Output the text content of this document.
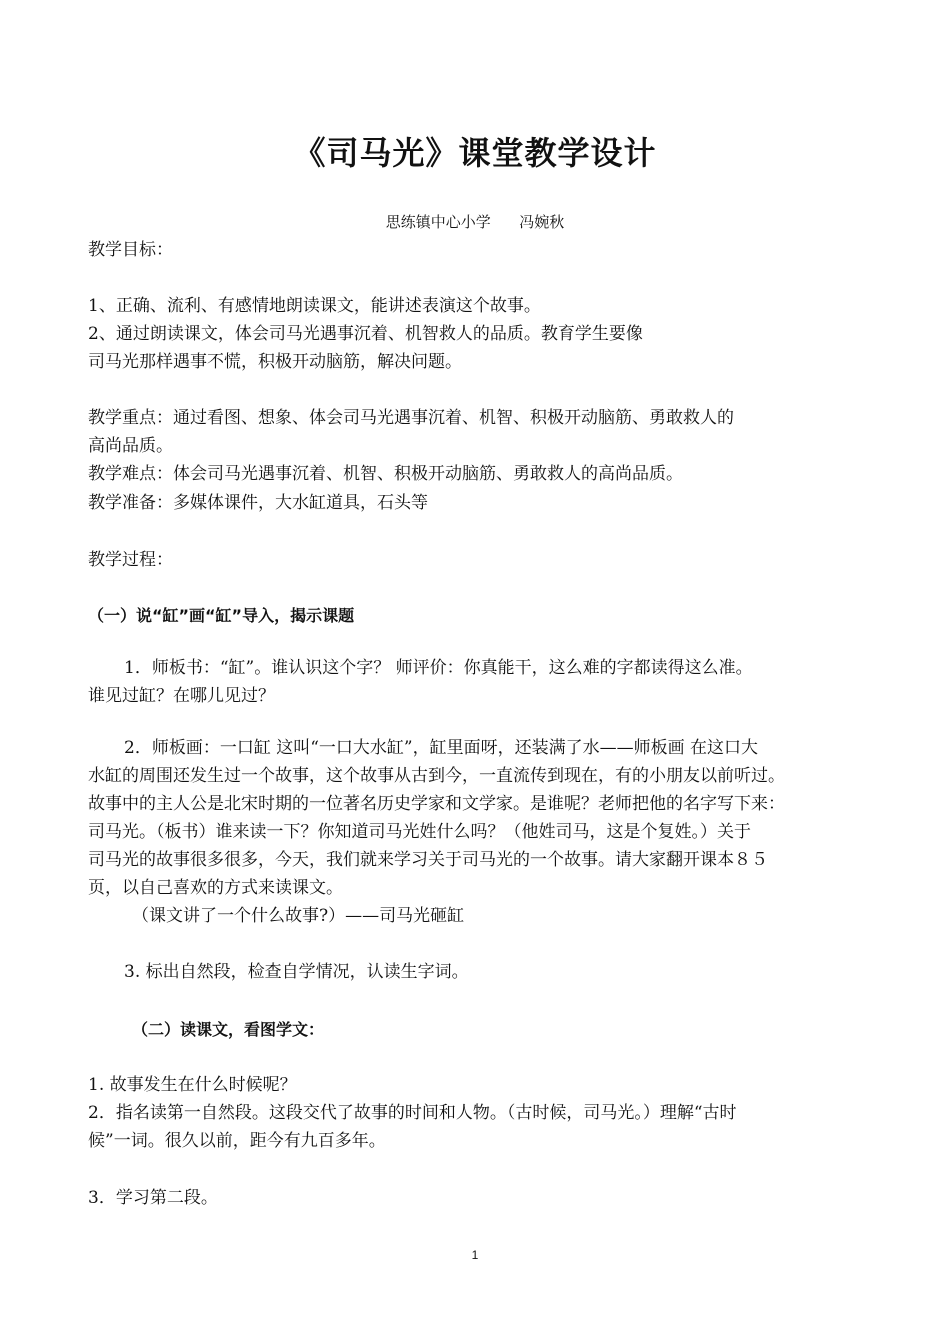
《司马光》课堂教学设计
思练镇中心小学      冯婉秋
教学目标：
1、正确、流利、有感情地朗读课文，能讲述表演这个故事。
2、通过朗读课文，体会司马光遇事沉着、机智救人的品质。教育学生要像
司马光那样遇事不慌，积极开动脑筋，解决问题。
教学重点：通过看图、想象、体会司马光遇事沉着、机智、积极开动脑筋、勇敢救人的
高尚品质。
教学难点：体会司马光遇事沉着、机智、积极开动脑筋、勇敢救人的高尚品质。
教学准备：多媒体课件，大水缸道具，石头等
教学过程：
（一）说“缸”画“缸”导入，揭示课题
1．师板书：“缸”。谁认识这个字？ 师评价：你真能干，这么难的字都读得这么准。
谁见过缸？在哪儿见过？
2．师板画：一口缸 这叫“一口大水缸”，缸里面呀，还装满了水——师板画 在这口大
水缸的周围还发生过一个故事，这个故事从古到今，一直流传到现在，有的小朋友以前听过。
故事中的主人公是北宋时期的一位著名历史学家和文学家。是谁呢？老师把他的名字写下来：
司马光。（板书）谁来读一下？你知道司马光姓什么吗？（他姓司马，这是个复姓。）关于
司马光的故事很多很多，今天，我们就来学习关于司马光的一个故事。请大家翻开课本８５
页，以自己喜欢的方式来读课文。
（课文讲了一个什么故事?）——司马光砸缸
3. 标出自然段，检查自学情况，认读生字词。
（二）读课文，看图学文：
1. 故事发生在什么时候呢？
2．指名读第一自然段。这段交代了故事的时间和人物。（古时候，司马光。）理解“古时
候”一词。很久以前，距今有九百多年。
3．学习第二段。
1
